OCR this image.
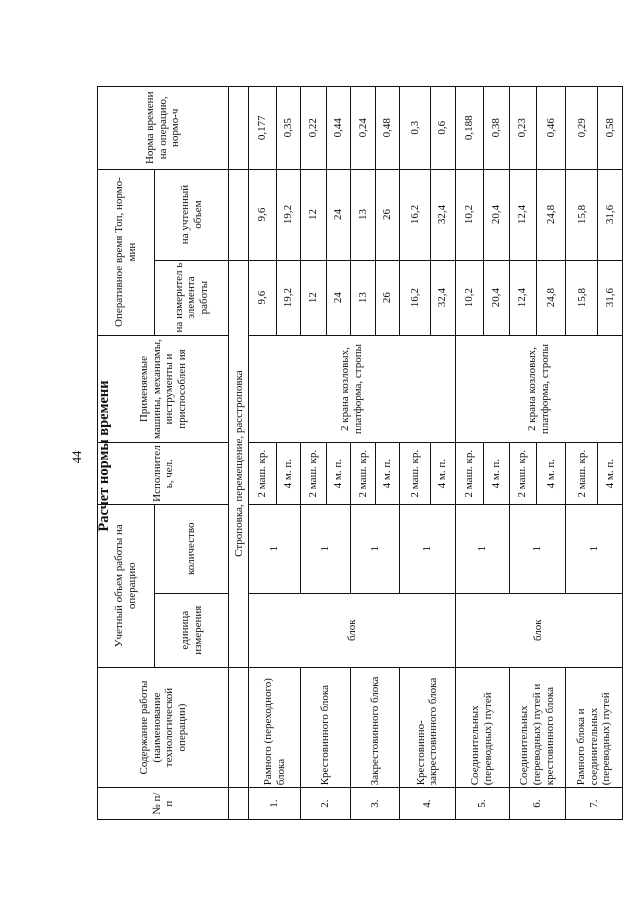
44 Расчет нормы времени
№ п/п	Содержание работы (наименование технологической операции)	Учетный объем работы на операцию		Исполнител ь, чел.	Применяемые машины, механизмы, инструменты и приспособлен ия	Оперативное время Топ, нормо-мин		Норма времени на операцию, нормо-ч
		единица измерения	количество			на измерител ь элемента работы	на учтенный объем	
		Строповка, перемещение, расстроповка						
1.	Рамного (переходного) блока	блок	1	2 маш. кр.	2 крана козловых, платформа, стропы	9,6	9,6	0,177
				4 м. п.		19,2	19,2	0,35
2.	Крестовинного блока		1	2 маш. кр.		12	12	0,22
				4 м. п.		24	24	0,44
3.	Закрестовинного блока		1	2 маш. кр.		13	13	0,24
				4 м. п.		26	26	0,48
4.	Крестовинно-закрестовинного блока		1	2 маш. кр.		16,2	16,2	0,3
				4 м. п.		32,4	32,4	0,6
5.	Соединительных (переводных) путей	блок	1	2 маш. кр.	2 крана козловых, платформа, стропы	10,2	10,2	0,188
				4 м. п.		20,4	20,4	0,38
6.	Соединительных (переводных) путей и крестовинного блока		1	2 маш. кр.		12,4	12,4	0,23
				4 м. п.		24,8	24,8	0,46
7.	Рамного блока и соединительных (переводных) путей		1	2 маш. кр.		15,8	15,8	0,29
				4 м. п.		31,6	31,6	0,58
